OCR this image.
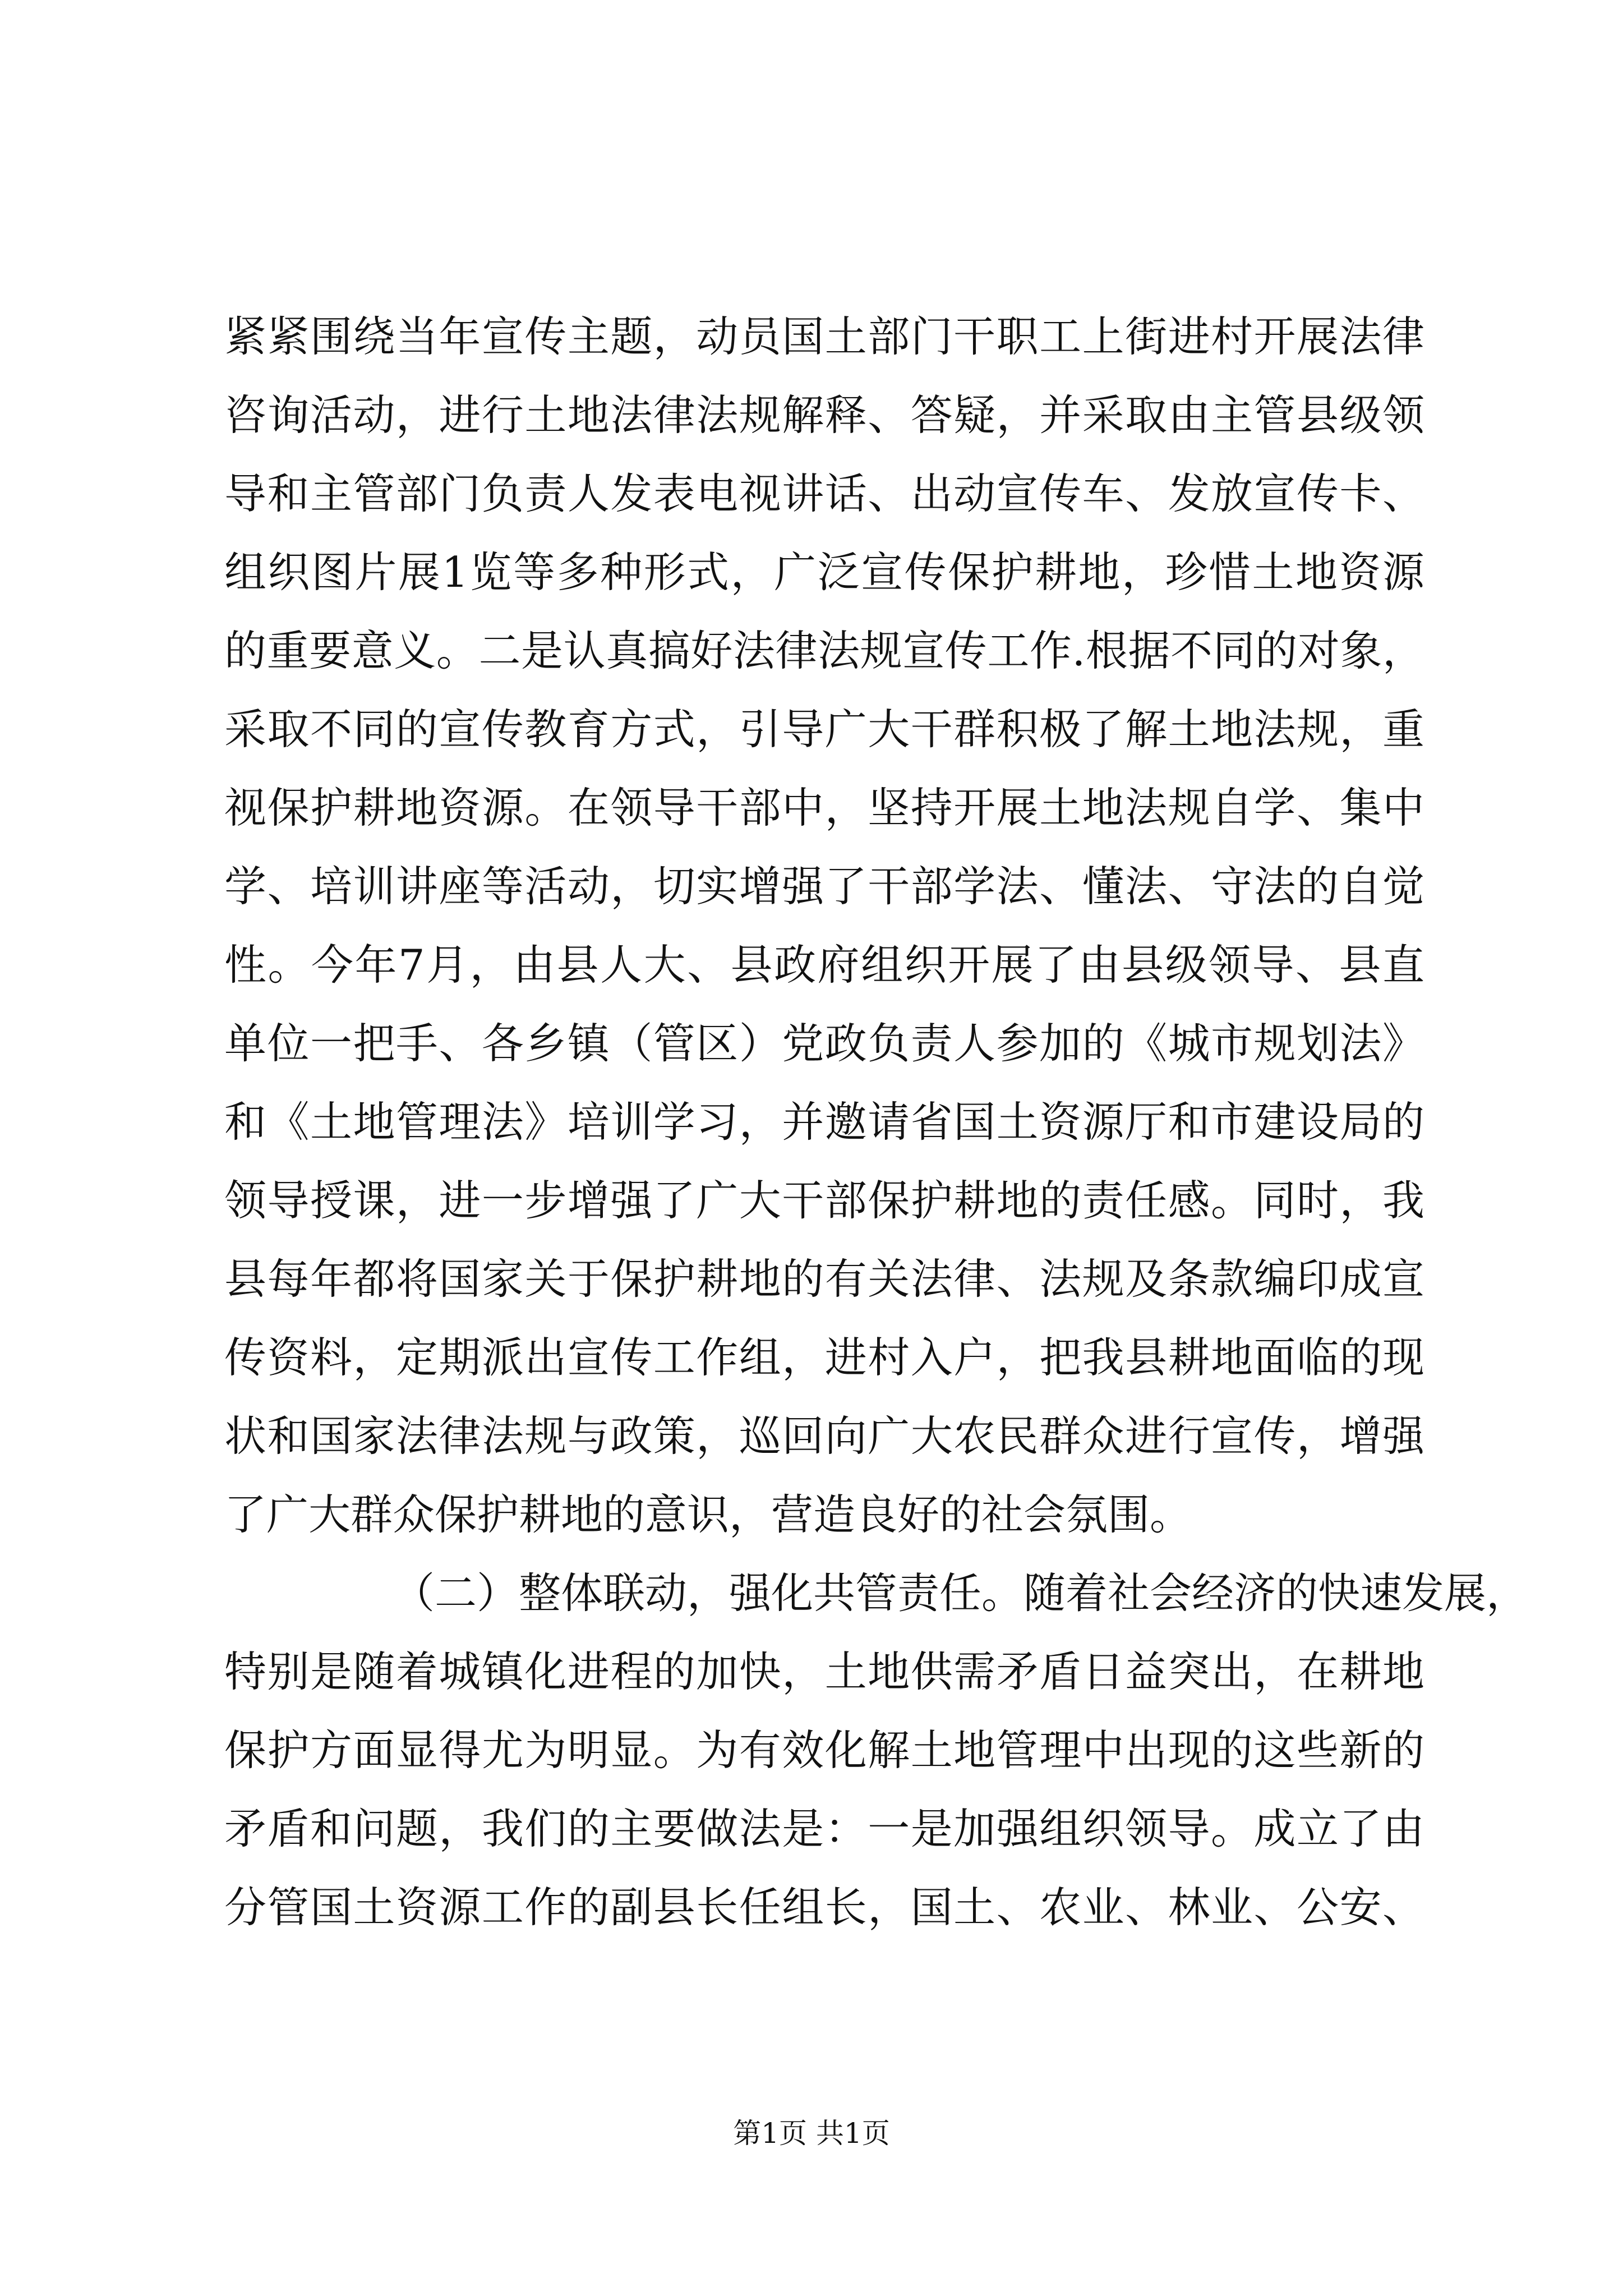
紧紧围绕当年宣传主题，动员国土部门干职工上街进村开展法律
咨询活动，进行土地法律法规解释、答疑，并采取由主管县级领
导和主管部门负责人发表电视讲话、出动宣传车、发放宣传卡、
组织图片展1览等多种形式，广泛宣传保护耕地，珍惜土地资源
的重要意义。二是认真搞好法律法规宣传工作.根据不同的对象，
采取不同的宣传教育方式，引导广大干群积极了解土地法规，重
视保护耕地资源。在领导干部中，坚持开展土地法规自学、集中
学、培训讲座等活动，切实增强了干部学法、懂法、守法的自觉
性。今年7月，由县人大、县政府组织开展了由县级领导、县直
单位一把手、各乡镇（管区）党政负责人参加的《城市规划法》
和《土地管理法》培训学习，并邀请省国土资源厅和市建设局的
领导授课，进一步增强了广大干部保护耕地的责任感。同时，我
县每年都将国家关于保护耕地的有关法律、法规及条款编印成宣
传资料，定期派出宣传工作组，进村入户，把我县耕地面临的现
状和国家法律法规与政策，巡回向广大农民群众进行宣传，增强
了广大群众保护耕地的意识，营造良好的社会氛围。
（二）整体联动，强化共管责任。随着社会经济的快速发展，
特别是随着城镇化进程的加快，土地供需矛盾日益突出，在耕地
保护方面显得尤为明显。为有效化解土地管理中出现的这些新的
矛盾和问题，我们的主要做法是：一是加强组织领导。成立了由
分管国土资源工作的副县长任组长，国土、农业、林业、公安、
第1页 共1页
